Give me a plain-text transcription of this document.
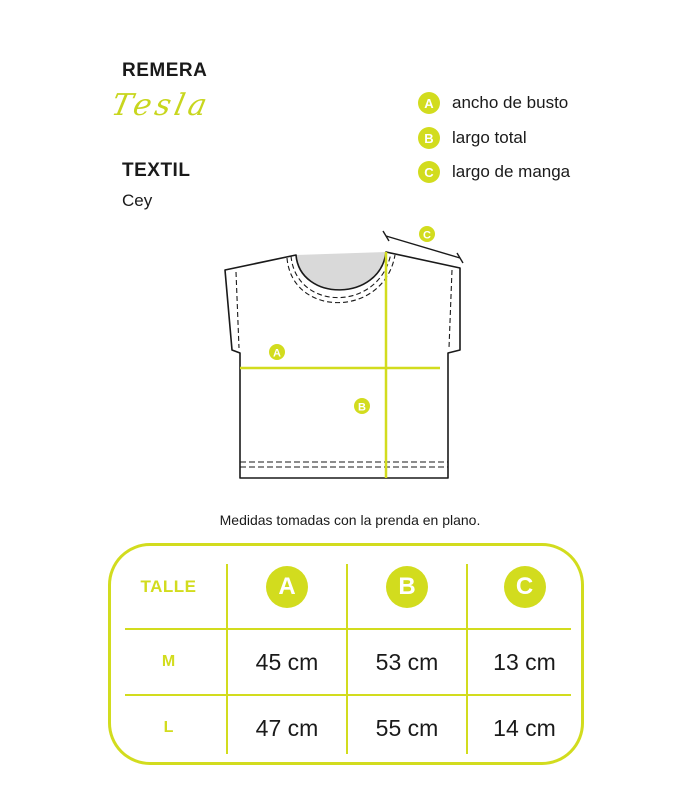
REMERA
Tesla
TEXTIL
Cey
A	ancho de busto
B	largo total
C	largo de manga
A
B
C
Medidas tomadas con la prenda en plano.
TALLE	A	B	C
M	45 cm 53 cm 13 cm
L	47 cm 55 cm 14 cm
